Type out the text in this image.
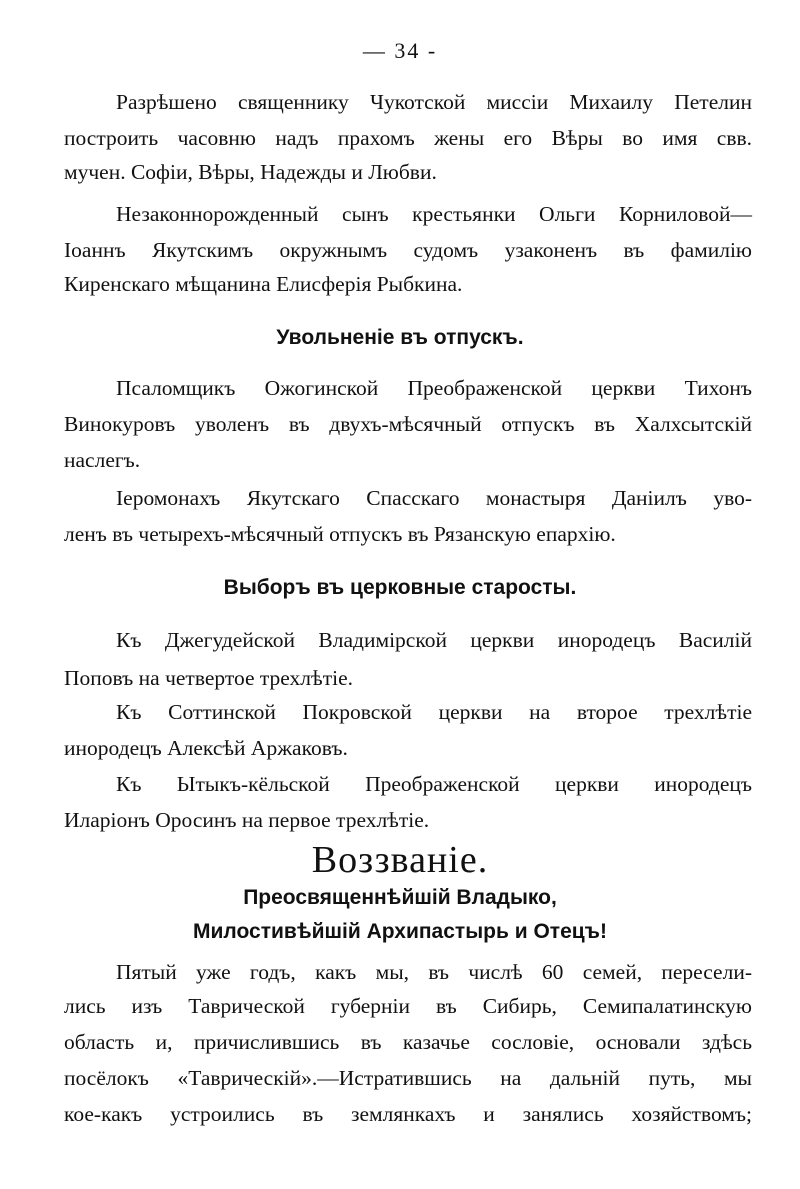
— 34 -
Разрѣшено священнику Чукотской миссіи Михаилу Петелин
построить часовню надъ прахомъ жены его Вѣры во имя свв.
мучен. Софіи, Вѣры, Надежды и Любви.
Незаконнорожденный сынъ крестьянки Ольги Корниловой—
Іоаннъ Якутскимъ окружнымъ судомъ узаконенъ въ фамилію
Киренскаго мѣщанина Елисферія Рыбкина.
Увольненіе въ отпускъ.
Псаломщикъ Ожогинской Преображенской церкви Тихонъ
Винокуровъ уволенъ въ двухъ-мѣсячный отпускъ въ Халхсытскій
наслегъ.
Іеромонахъ Якутскаго Спасскаго монастыря Даніилъ уво-
ленъ въ четырехъ-мѣсячный отпускъ въ Рязанскую епархію.
Выборъ въ церковныe старосты.
Къ Джегудейской Владимірской церкви инородецъ Василій
Поповъ на четвертое трехлѣтіе.
Къ Соттинской Покровской церкви на второе трехлѣтіе
инородецъ Алексѣй Аржаковъ.
Къ Ытыкъ-кёльской Преображенской церкви инородецъ
Иларіонъ Оросинъ на первое трехлѣтіе.
Воззваніе.
Преосвященнѣйшій Владыко,
Милостивѣйшій Архипастырь и Отецъ!
Пятый уже годъ, какъ мы, въ числѣ 60 семей, пересели-
лись изъ Таврической губерніи въ Сибирь, Семипалатинскую
область и, причислившись въ казачье сословіе, основали здѣсь
посёлокъ «Таврическій».—Истратившись на дальній путь, мы
кое-какъ устроились въ землянкахъ и занялись хозяйствомъ;
